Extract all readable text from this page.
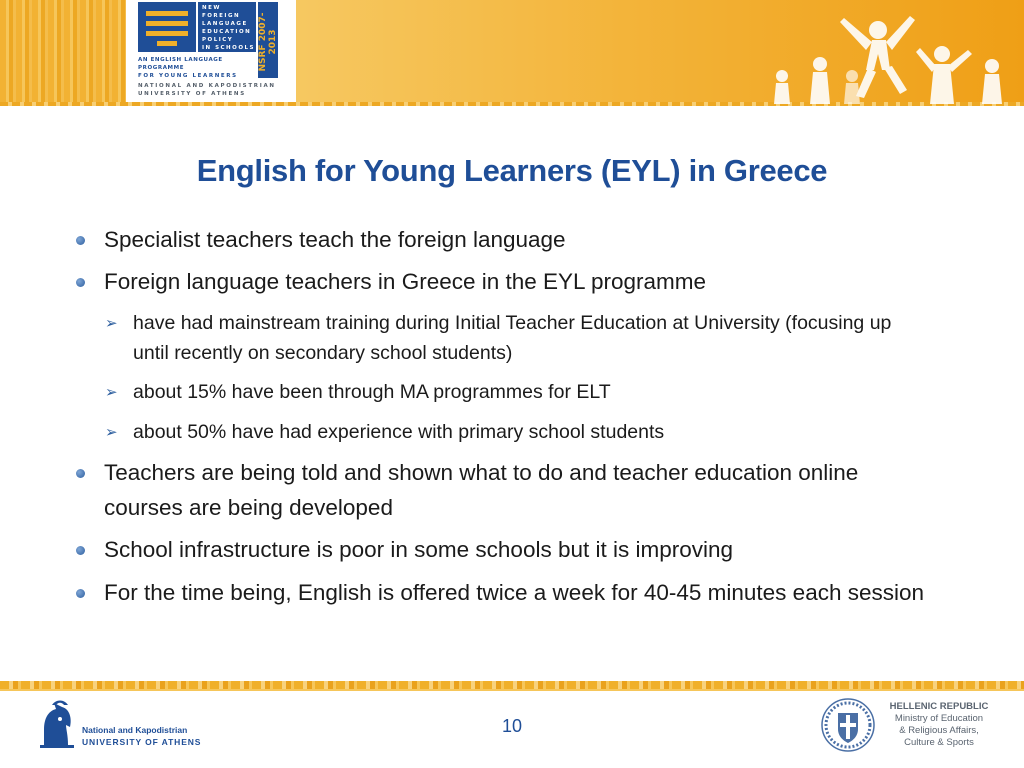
NEW FOREIGN
LANGUAGE
EDUCATION
POLICY
IN SCHOOLS NSRF 2007-2013
AN ENGLISH LANGUAGE PROGRAMME
FOR YOUNG LEARNERS
NATIONAL AND KAPODISTRIAN
UNIVERSITY OF ATHENS
English for Young Learners (EYL) in Greece
Specialist teachers teach the foreign language
Foreign language teachers in Greece in the EYL programme
➢ have had mainstream training during Initial Teacher Education at University (focusing up until recently on secondary school students)
➢ about 15% have been through MA programmes for ELT
➢ about 50% have had experience with primary school students
Teachers are being told and shown what to do and teacher education online courses are being developed
School infrastructure is poor in some schools but it is improving
For the time being, English is offered twice a week for 40-45 minutes each session
National and Kapodistrian
UNIVERSITY OF ATHENS
10
HELLENIC REPUBLIC
Ministry of Education
& Religious Affairs,
Culture & Sports
